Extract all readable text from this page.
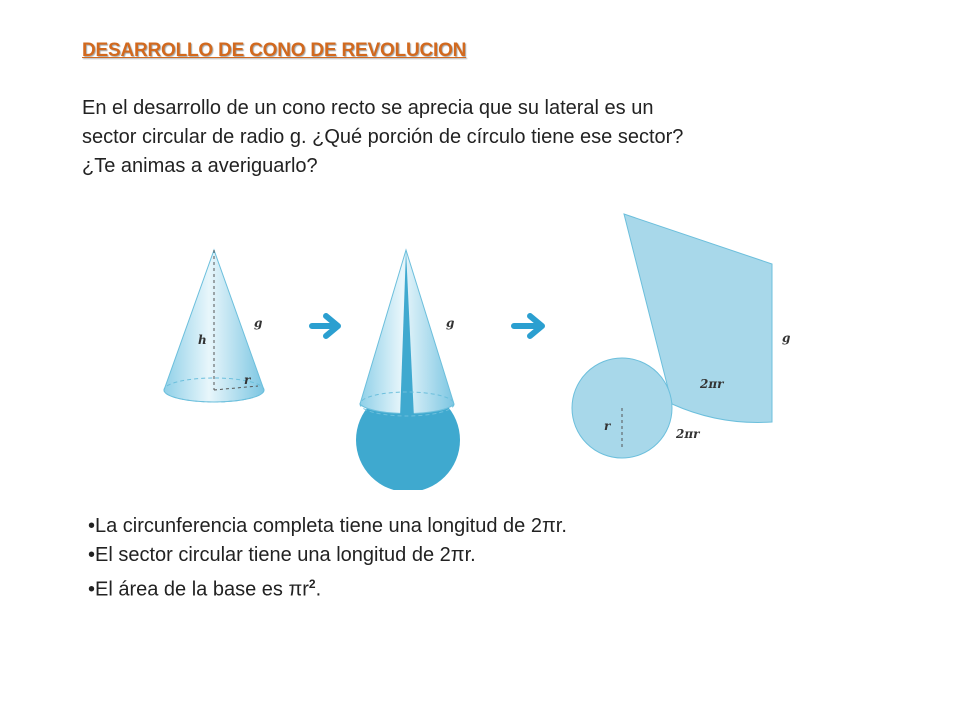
DESARROLLO DE CONO DE REVOLUCION
En el desarrollo de un cono recto se aprecia que su lateral es un
sector circular de radio g. ¿Qué porción de círculo tiene ese sector?
¿Te animas a averiguarlo?
h
g
r
g
g
2πr
r
2πr
•La circunferencia completa tiene una longitud de 2πr.
•El sector circular tiene una longitud de 2πr.
•El área de la base es $\pi r^2$.
